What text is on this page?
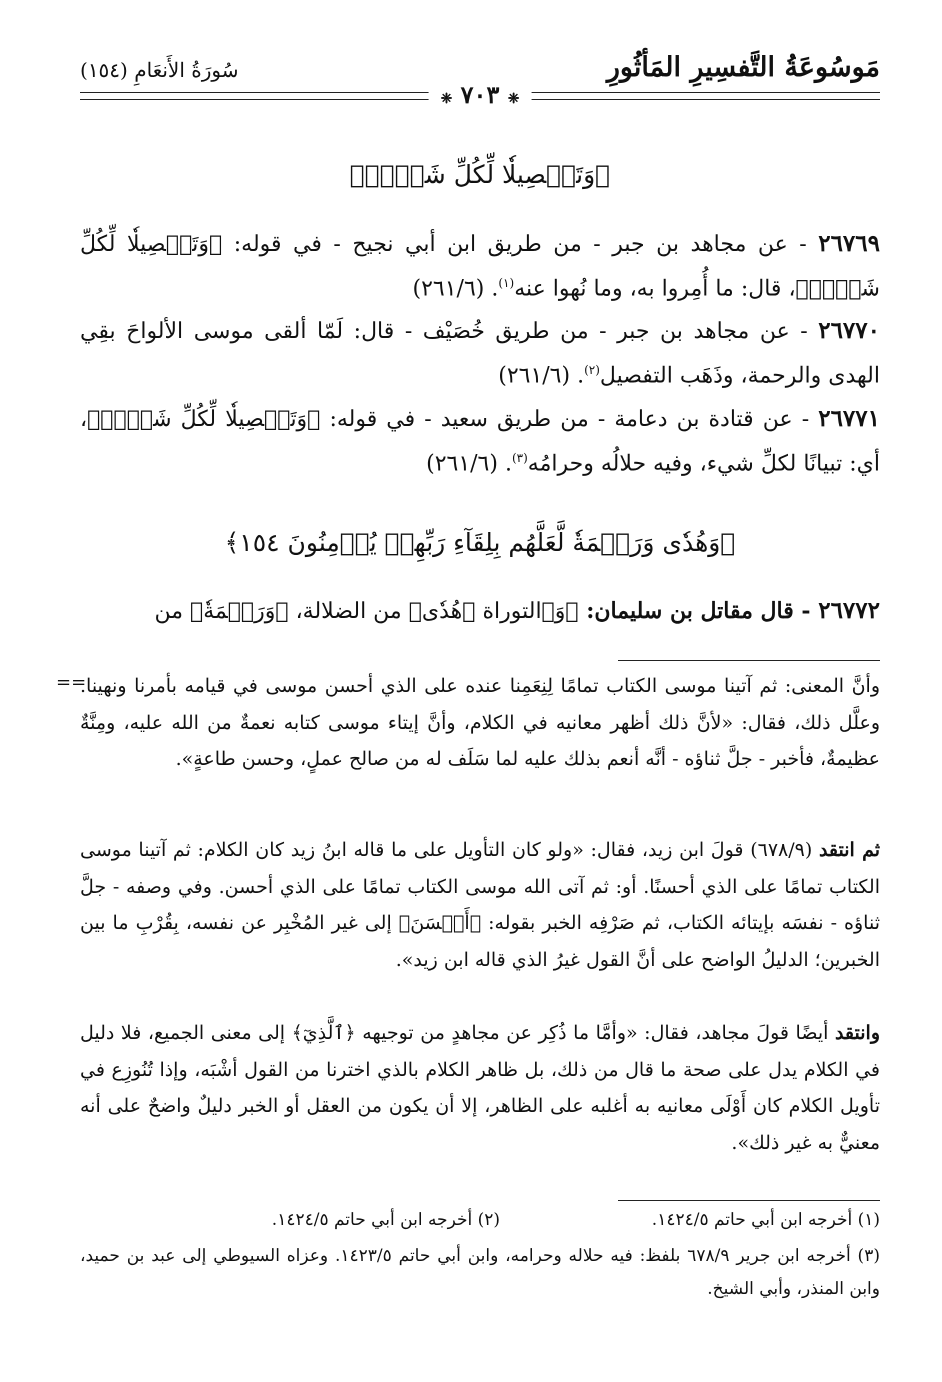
مَوسُوعَةُ التَّفسِيرِ المَأثُورِ
سُورَةُ الأَنعَامِ (١٥٤)
❈ ٧٠٣ ❈
﴿وَتَفۡصِيلٗا لِّكُلِّ شَيۡءٖ﴾

٢٦٧٦٩ - عن مجاهد بن جبر - من طريق ابن أبي نجيح - في قوله: ﴿وَتَفۡصِيلٗا لِّكُلِّ شَيۡءٖ﴾، قال: ما أُمِروا به، وما نُهوا عنه$^{(١)}$. (٢٦١/٦)

٢٦٧٧٠ - عن مجاهد بن جبر - من طريق خُصَيْف - قال: لَمّا ألقى موسى الألواحَ بقِي الهدى والرحمة، وذَهَب التفصيل$^{(٢)}$. (٢٦١/٦)

٢٦٧٧١ - عن قتادة بن دعامة - من طريق سعيد - في قوله: ﴿وَتَفۡصِيلٗا لِّكُلِّ شَيۡءٖ﴾، أي: تبيانًا لكلِّ شيء، وفيه حلالُه وحرامُه$^{(٣)}$. (٢٦١/٦)

﴿وَهُدٗى وَرَحۡمَةٗ لَّعَلَّهُم بِلِقَآءِ رَبِّهِمۡ يُؤۡمِنُونَ ١٥٤﴾

٢٦٧٧٢ - قال مقاتل بن سليمان: ﴿وَ﴾التوراة ﴿هُدٗى﴾ من الضلالة، ﴿وَرَحۡمَةٗ﴾ من

==

وأنَّ المعنى: ثم آتينا موسى الكتاب تمامًا لِنِعَمِنا عنده على الذي أحسن موسى في قيامه بأمرنا ونهينا. وعلَّل ذلك، فقال: «لأنَّ ذلك أظهر معانيه في الكلام، وأنَّ إيتاء موسى كتابه نعمةٌ من الله عليه، ومِنَّةٌ عظيمةٌ، فأخبر - جلَّ ثناؤه - أنَّه أنعم بذلك عليه لما سَلَف له من صالح عملٍ، وحسن طاعةٍ».

ثم انتقد (٦٧٨/٩) قولَ ابن زيد، فقال: «ولو كان التأويل على ما قاله ابنُ زيد كان الكلام: ثم آتينا موسى الكتاب تمامًا على الذي أحسنًا. أو: ثم آتى الله موسى الكتاب تمامًا على الذي أحسن. وفي وصفه - جلَّ ثناؤه - نفسَه بإيتائه الكتاب، ثم صَرْفِه الخبر بقوله: ﴿أَحۡسَنَ﴾ إلى غير المُخْبِر عن نفسه، بِقُرْبِ ما بين الخبرين؛ الدليلُ الواضح على أنَّ القول غيرُ الذي قاله ابن زيد».

وانتقد أيضًا قولَ مجاهد، فقال: «وأمَّا ما ذُكِر عن مجاهدٍ من توجيهه ﴿ٱلَّذِيٓ﴾ إلى معنى الجميع، فلا دليل في الكلام يدل على صحة ما قال من ذلك، بل ظاهر الكلام بالذي اخترنا من القول أشْبَه، وإذا تُنُوزِع في تأويل الكلام كان أَوْلَى معانيه به أغلبه على الظاهر، إلا أن يكون من العقل أو الخبر دليلٌ واضحٌ على أنه معنيٌّ به غير ذلك».

(١) أخرجه ابن أبي حاتم ١٤٢٤/٥.
(٢) أخرجه ابن أبي حاتم ١٤٢٤/٥.

(٣) أخرجه ابن جرير ٦٧٨/٩ بلفظ: فيه حلاله وحرامه، وابن أبي حاتم ١٤٢٣/٥. وعزاه السيوطي إلى عبد بن حميد، وابن المنذر، وأبي الشيخ.
